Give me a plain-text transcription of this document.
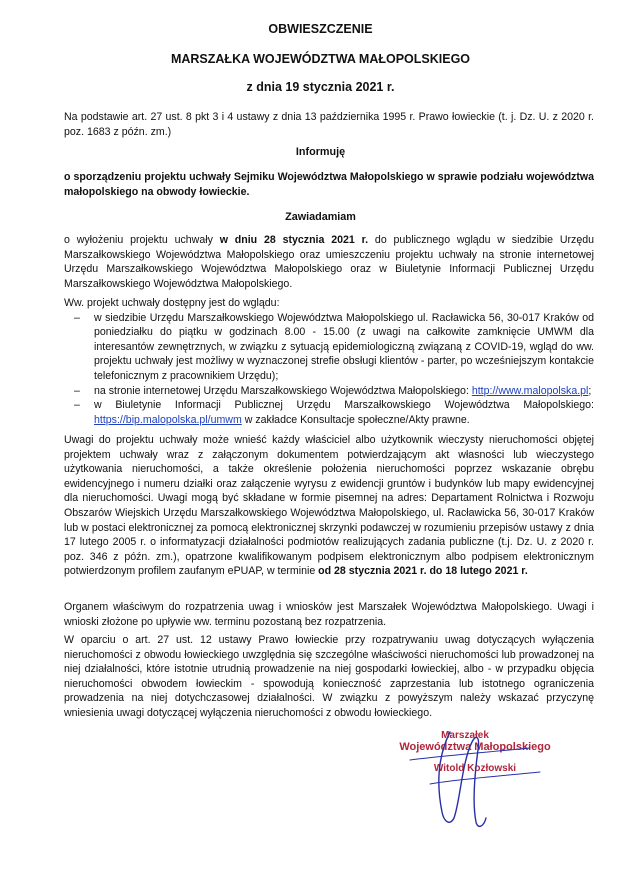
OBWIESZCZENIE
MARSZAŁKA WOJEWÓDZTWA MAŁOPOLSKIEGO
z dnia 19 stycznia 2021 r.

Na podstawie art. 27 ust. 8 pkt 3 i 4 ustawy z dnia 13 października 1995 r. Prawo łowieckie (t. j. Dz. U. z 2020 r. poz. 1683 z późn. zm.)

Informuję

o sporządzeniu projektu uchwały Sejmiku Województwa Małopolskiego w sprawie podziału województwa małopolskiego na obwody łowieckie.

Zawiadamiam

o wyłożeniu projektu uchwały w dniu 28 stycznia 2021 r. do publicznego wglądu w siedzibie Urzędu Marszałkowskiego Województwa Małopolskiego oraz umieszczeniu projektu uchwały na stronie internetowej Urzędu Marszałkowskiego Województwa Małopolskiego oraz w Biuletynie Informacji Publicznej Urzędu Marszałkowskiego Województwa Małopolskiego.

Ww. projekt uchwały dostępny jest do wglądu:

– w siedzibie Urzędu Marszałkowskiego Województwa Małopolskiego ul. Racławicka 56, 30-017 Kraków od poniedziałku do piątku w godzinach 8.00 - 15.00 (z uwagi na całkowite zamknięcie UMWM dla interesantów zewnętrznych, w związku z sytuacją epidemiologiczną związaną z COVID-19, wgląd do ww. projektu uchwały jest możliwy w wyznaczonej strefie obsługi klientów - parter, po wcześniejszym kontakcie telefonicznym z pracownikiem Urzędu);
– na stronie internetowej Urzędu Marszałkowskiego Województwa Małopolskiego: http://www.malopolska.pl;
– w Biuletynie Informacji Publicznej Urzędu Marszałkowskiego Województwa Małopolskiego: https://bip.malopolska.pl/umwm w zakładce Konsultacje społeczne/Akty prawne.

Uwagi do projektu uchwały może wnieść każdy właściciel albo użytkownik wieczysty nieruchomości objętej projektem uchwały wraz z załączonym dokumentem potwierdzającym akt własności lub wieczystego użytkowania nieruchomości, a także określenie położenia nieruchomości poprzez wskazanie obrębu ewidencyjnego i numeru działki oraz załączenie wyrysu z ewidencji gruntów i budynków lub mapy ewidencyjnej dla nieruchomości. Uwagi mogą być składane w formie pisemnej na adres: Departament Rolnictwa i Rozwoju Obszarów Wiejskich Urzędu Marszałkowskiego Województwa Małopolskiego, ul. Racławicka 56, 30-017 Kraków lub w postaci elektronicznej za pomocą elektronicznej skrzynki podawczej w rozumieniu przepisów ustawy z dnia 17 lutego 2005 r. o informatyzacji działalności podmiotów realizujących zadania publiczne (t.j. Dz. U. z 2020 r. poz. 346 z późn. zm.), opatrzone kwalifikowanym podpisem elektronicznym albo podpisem elektronicznym potwierdzonym profilem zaufanym ePUAP, w terminie od 28 stycznia 2021 r. do 18 lutego 2021 r.

Organem właściwym do rozpatrzenia uwag i wniosków jest Marszałek Województwa Małopolskiego. Uwagi i wnioski złożone po upływie ww. terminu pozostaną bez rozpatrzenia.

W oparciu o art. 27 ust. 12 ustawy Prawo łowieckie przy rozpatrywaniu uwag dotyczących wyłączenia nieruchomości z obwodu łowieckiego uwzględnia się szczególne właściwości nieruchomości lub prowadzonej na niej działalności, które istotnie utrudnią prowadzenie na niej gospodarki łowieckiej, albo - w przypadku objęcia nieruchomości obwodem łowieckim - spowodują konieczność zaprzestania lub istotnego ograniczenia prowadzenia na niej dotychczasowej działalności. W związku z powyższym należy wskazać przyczynę wniesienia uwagi dotyczącej wyłączenia nieruchomości z obwodu łowieckiego.

Marszałek
Województwa Małopolskiego
Witold Kozłowski
